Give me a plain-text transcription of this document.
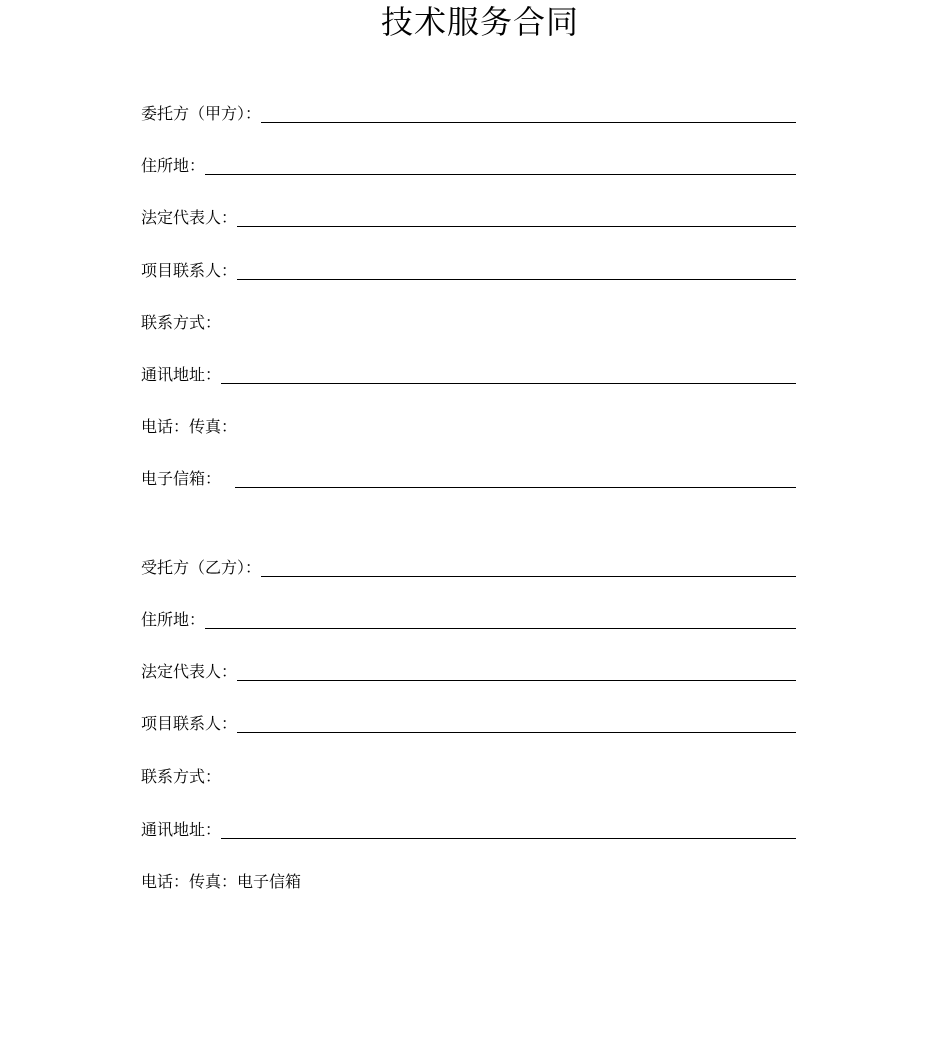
技术服务合同
委托方（甲方）：
住所地：
法定代表人：
项目联系人：
联系方式：
通讯地址：
电话：传真：
电子信箱：
受托方（乙方）：
住所地：
法定代表人：
项目联系人：
联系方式：
通讯地址：
电话：传真：电子信箱
